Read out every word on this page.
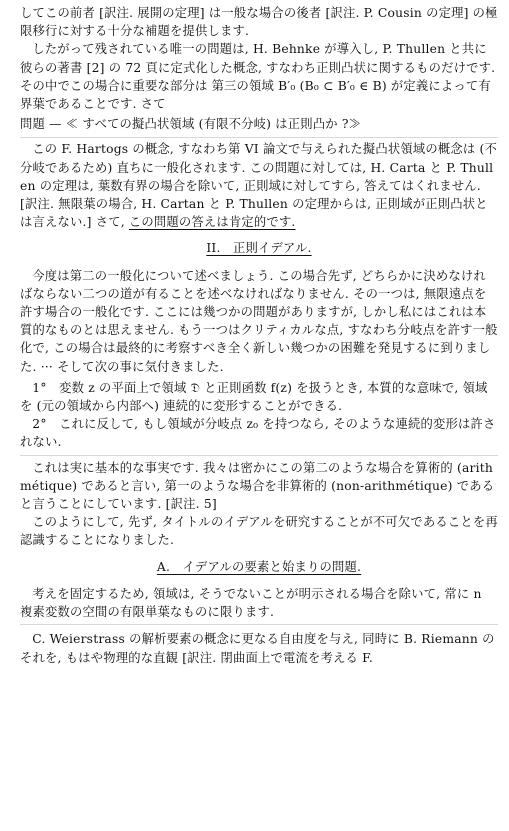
してこの前者 [訳注. 展開の定理] は一般な場合の後者 [訳注. P. Cousin の定理] の極限移行に対する十分な補題を提供します.

したがって残されている唯一の問題は, H. Behnke が導入し, P. Thullen と共に彼らの著書 [2] の 72 頁に定式化した概念, すなわち正則凸状に関するものだけです. その中でこの場合に重要な部分は 第三の領域 B′₀ (B₀ ⊂ B′₀ ∈ B) が定義によって有界葉であることです. さて

問題 — ≪ すべての擬凸状領域 (有限不分岐) は正則凸か ?≫

この F. Hartogs の概念, すなわち第 VI 論文で与えられた擬凸状領域の概念は (不分岐であるため) 直ちに一般化されます. この問題に対しては, H. Carta と P. Thullen の定理は, 葉数有界の場合を除いて, 正則域に対してすら, 答えてはくれません. [訳注. 無限葉の場合, H. Cartan と P. Thullen の定理からは, 正則域が正則凸状とは言えない.] さて, この問題の答えは肯定的です.

II.　正則イデアル.

今度は第二の一般化について述べましょう. この場合先ず, どちらかに決めなければならない二つの道が有ることを述べなければなりません. その一つは, 無限遠点を許す場合の一般化です. ここには幾つかの問題がありますが, しかし私にはこれは本質的なものとは思えません. もう一つはクリティカルな点, すなわち分岐点を許す一般化で, この場合は最終的に考察すべき全く新しい幾つかの困難を発見するに到りました. ··· そして次の事に気付きました.

1°　変数 z の平面上で領域 𝔇 と正則函数 f(z) を扱うとき, 本質的な意味で, 領域を (元の領域から内部へ) 連続的に変形することができる.

2°　これに反して, もし領域が分岐点 z₀ を持つなら, そのような連続的変形は許されない.

これは実に基本的な事実です. 我々は密かにこの第二のような場合を算術的 (arithmétique) であると言い, 第一のような場合を非算術的 (non-arithmétique) であると言うことにしています. [訳注. 5]

このようにして, 先ず, タイトルのイデアルを研究することが不可欠であることを再認識することになりました.

A.　イデアルの要素と始まりの問題.

考えを固定するため, 領域は, そうでないことが明示される場合を除いて, 常に n 複素変数の空間の有限単葉なものに限ります.

C. Weierstrass の解析要素の概念に更なる自由度を与え, 同時に B. Riemann のそれを, もはや物理的な直観 [訳注. 閉曲面上で電流を考える F.
